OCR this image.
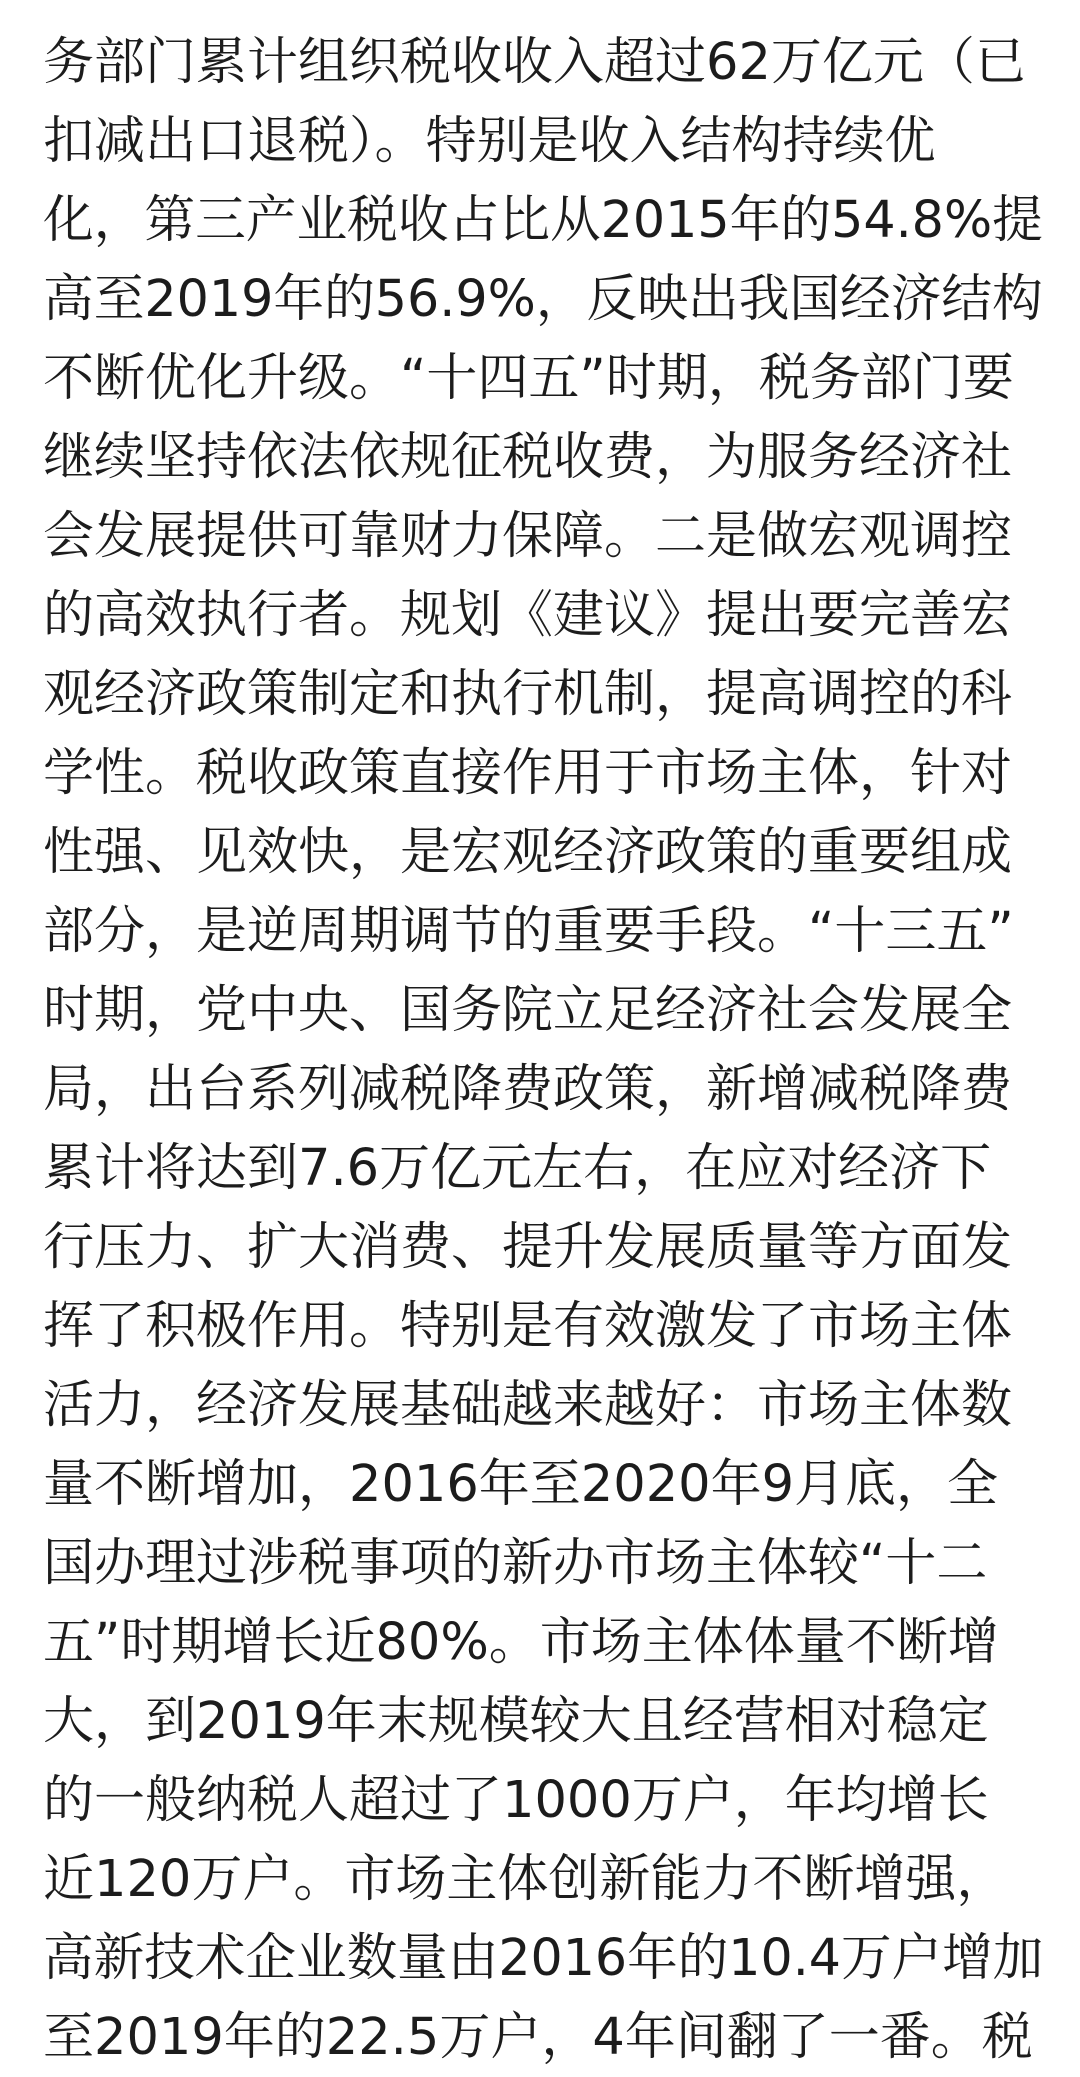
务部门累计组织税收收入超过62万亿元（已
扣减出口退税）。特别是收入结构持续优
化，第三产业税收占比从2015年的54.8%提
高至2019年的56.9%，反映出我国经济结构
不断优化升级。“十四五”时期，税务部门要
继续坚持依法依规征税收费，为服务经济社
会发展提供可靠财力保障。二是做宏观调控
的高效执行者。规划《建议》提出要完善宏
观经济政策制定和执行机制，提高调控的科
学性。税收政策直接作用于市场主体，针对
性强、见效快，是宏观经济政策的重要组成
部分，是逆周期调节的重要手段。“十三五”
时期，党中央、国务院立足经济社会发展全
局，出台系列减税降费政策，新增减税降费
累计将达到7.6万亿元左右，在应对经济下
行压力、扩大消费、提升发展质量等方面发
挥了积极作用。特别是有效激发了市场主体
活力，经济发展基础越来越好：市场主体数
量不断增加，2016年至2020年9月底，全
国办理过涉税事项的新办市场主体较“十二
五”时期增长近80%。市场主体体量不断增
大，到2019年末规模较大且经营相对稳定
的一般纳税人超过了1000万户，年均增长
近120万户。市场主体创新能力不断增强，
高新技术企业数量由2016年的10.4万户增加
至2019年的22.5万户，4年间翻了一番。税
